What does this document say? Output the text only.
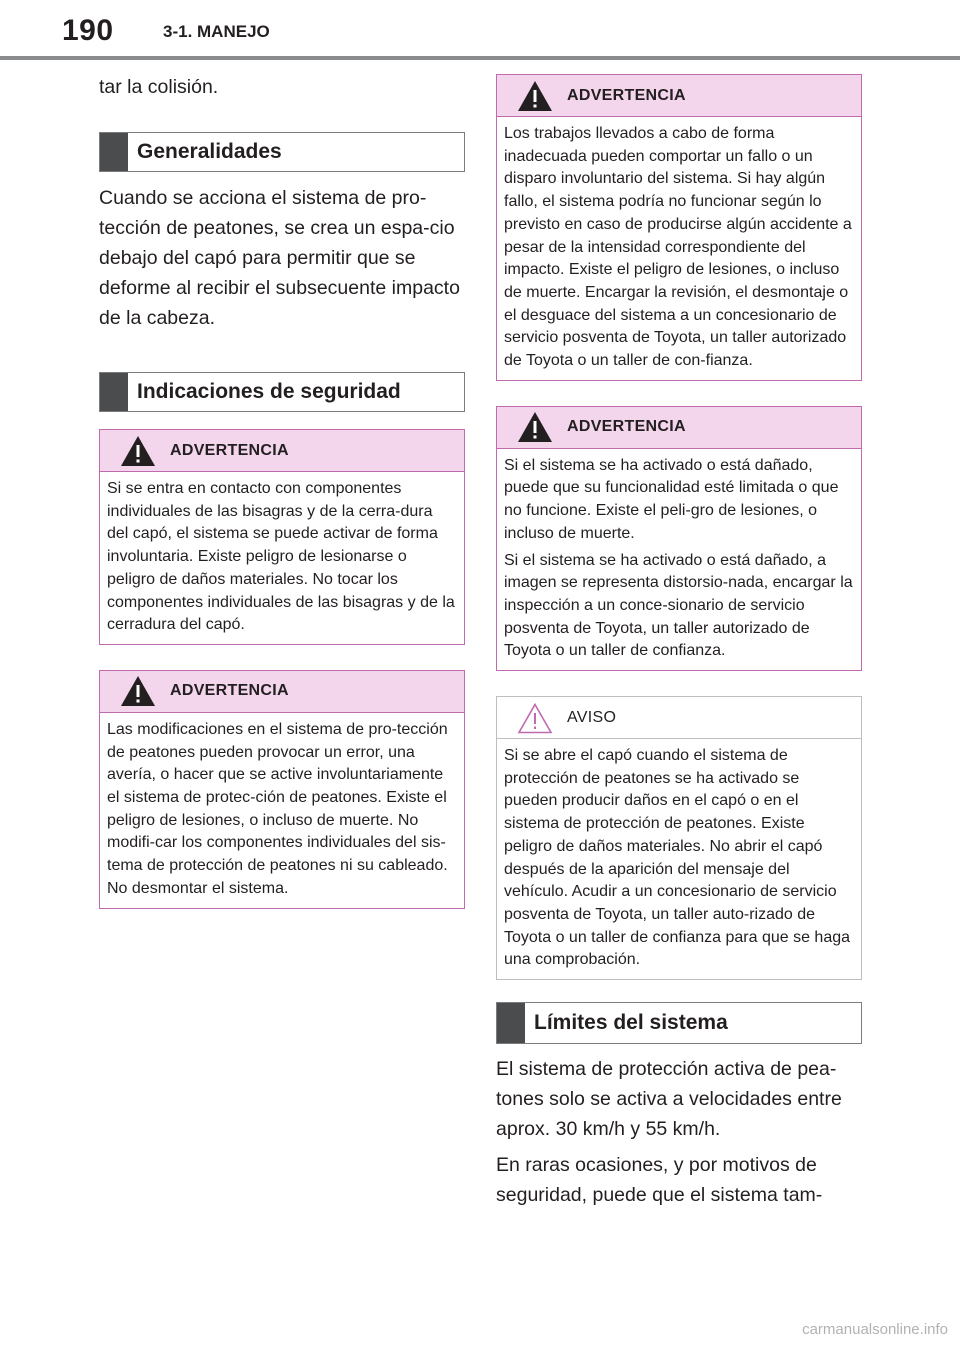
190	3-1. MANEJO

tar la colisión.

Generalidades

Cuando se acciona el sistema de pro-tección de peatones, se crea un espa-cio debajo del capó para permitir que se deforme al recibir el subsecuente impacto de la cabeza.

Indicaciones de seguridad
ADVERTENCIA

Si se entra en contacto con componentes individuales de las bisagras y de la cerra-dura del capó, el sistema se puede activar de forma involuntaria. Existe peligro de lesionarse o peligro de daños materiales. No tocar los componentes individuales de las bisagras y de la cerradura del capó.

ADVERTENCIA

Las modificaciones en el sistema de pro-tección de peatones pueden provocar un error, una avería, o hacer que se active involuntariamente el sistema de protec-ción de peatones. Existe el peligro de lesiones, o incluso de muerte. No modifi-car los componentes individuales del sis-tema de protección de peatones ni su cableado. No desmontar el sistema.

ADVERTENCIA

Los trabajos llevados a cabo de forma inadecuada pueden comportar un fallo o un disparo involuntario del sistema. Si hay algún fallo, el sistema podría no funcionar según lo previsto en caso de producirse algún accidente a pesar de la intensidad correspondiente del impacto. Existe el peligro de lesiones, o incluso de muerte. Encargar la revisión, el desmontaje o el desguace del sistema a un concesionario de servicio posventa de Toyota, un taller autorizado de Toyota o un taller de con-fianza.

ADVERTENCIA

Si el sistema se ha activado o está dañado, puede que su funcionalidad esté limitada o que no funcione. Existe el peli-gro de lesiones, o incluso de muerte.

Si el sistema se ha activado o está dañado, a imagen se representa distorsio-nada, encargar la inspección a un conce-sionario de servicio posventa de Toyota, un taller autorizado de Toyota o un taller de confianza.

AVISO

Si se abre el capó cuando el sistema de protección de peatones se ha activado se pueden producir daños en el capó o en el sistema de protección de peatones. Existe peligro de daños materiales. No abrir el capó después de la aparición del mensaje del vehículo. Acudir a un concesionario de servicio posventa de Toyota, un taller auto-rizado de Toyota o un taller de confianza para que se haga una comprobación.

Límites del sistema

El sistema de protección activa de pea-tones solo se activa a velocidades entre aprox. 30 km/h y 55 km/h.

En raras ocasiones, y por motivos de seguridad, puede que el sistema tam-

carmanualsonline.info
